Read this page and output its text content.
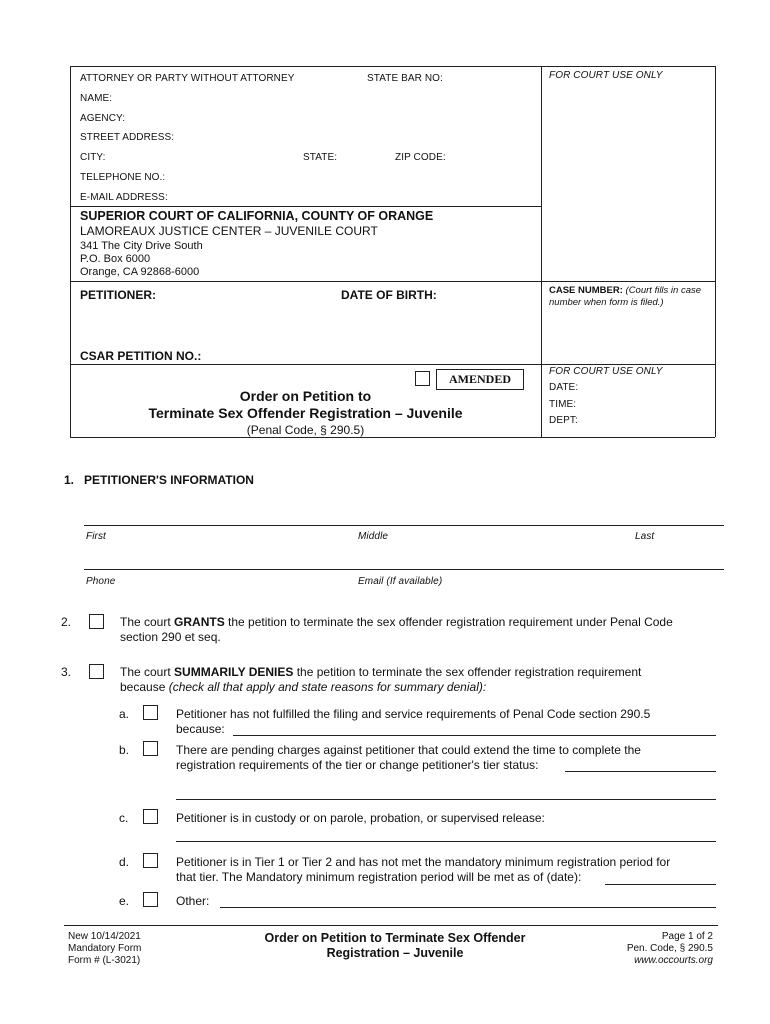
ATTORNEY OR PARTY WITHOUT ATTORNEY	STATE BAR NO:	FOR COURT USE ONLY
NAME:
AGENCY:
STREET ADDRESS:
CITY:	STATE:	ZIP CODE:
TELEPHONE NO.:
E-MAIL ADDRESS:
SUPERIOR COURT OF CALIFORNIA, COUNTY OF ORANGE
LAMOREAUX JUSTICE CENTER – JUVENILE COURT
341 The City Drive South
P.O. Box 6000
Orange, CA 92868-6000
PETITIONER:	DATE OF BIRTH:	CASE NUMBER: (Court fills in case number when form is filed.)
CSAR PETITION NO.:
AMENDED
Order on Petition to
Terminate Sex Offender Registration – Juvenile
(Penal Code, § 290.5)
FOR COURT USE ONLY
DATE:
TIME:
DEPT:
1.   PETITIONER'S INFORMATION
First	Middle	Last
Phone	Email (If available)
2.	The court GRANTS the petition to terminate the sex offender registration requirement under Penal Code
section 290 et seq.
3.	The court SUMMARILY DENIES the petition to terminate the sex offender registration requirement
because (check all that apply and state reasons for summary denial):
a.	Petitioner has not fulfilled the filing and service requirements of Penal Code section 290.5
because:
b.	There are pending charges against petitioner that could extend the time to complete the
registration requirements of the tier or change petitioner's tier status:
c.	Petitioner is in custody or on parole, probation, or supervised release:
d.	Petitioner is in Tier 1 or Tier 2 and has not met the mandatory minimum registration period for
that tier. The Mandatory minimum registration period will be met as of (date):
e.	Other:
New 10/14/2021
Mandatory Form
Form # (L-3021)
Order on Petition to Terminate Sex Offender
Registration – Juvenile
Page 1 of 2
Pen. Code, § 290.5
www.occourts.org
